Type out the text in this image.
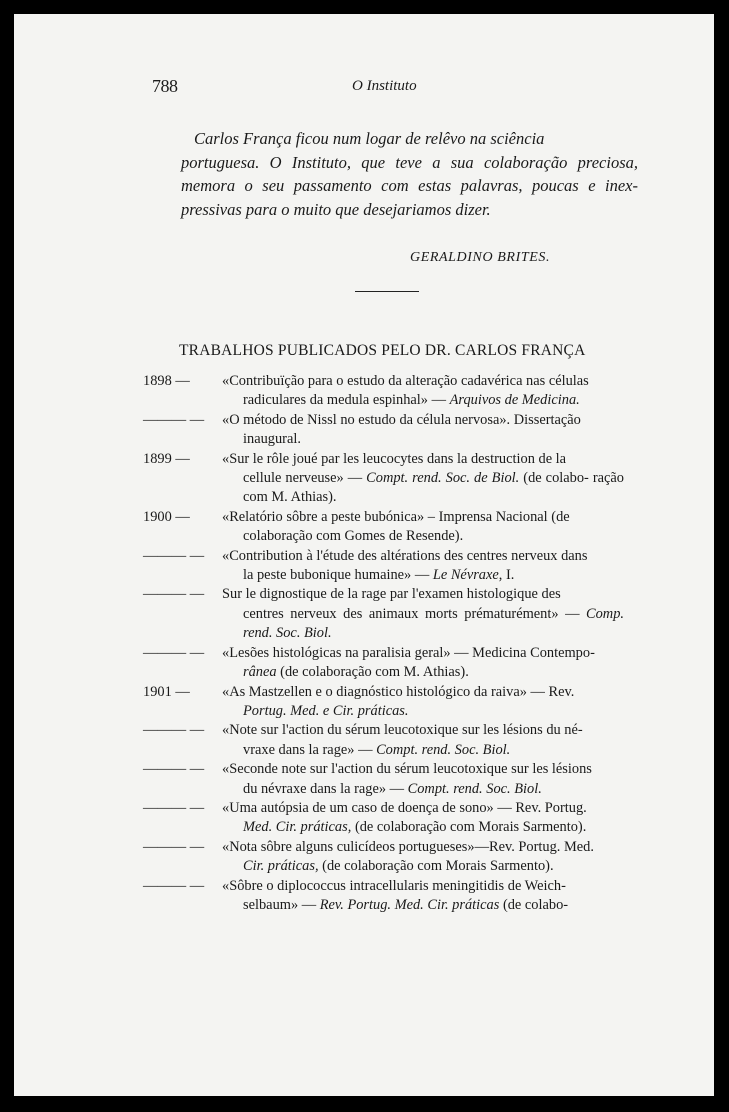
788	O Instituto
Carlos França ficou num logar de relêvo na sciência
portuguesa. O Instituto, que teve a sua colaboração preciosa, memora o seu passamento com estas palavras, poucas e inex- pressivas para o muito que desejariamos dizer.
GERALDINO BRITES.
TRABALHOS PUBLICADOS PELO DR. CARLOS FRANÇA
1898 —	«Contribuïção para o estudo da alteração cadavérica nas células
radiculares da medula espinhal» — Arquivos de Medicina.
——— —	«O método de Nissl no estudo da célula nervosa». Dissertação
inaugural.
1899 —	«Sur le rôle joué par les leucocytes dans la destruction de la
cellule nerveuse» — Compt. rend. Soc. de Biol. (de colabo- ração com M. Athias).
1900 —	«Relatório sôbre a peste bubónica» – Imprensa Nacional (de
colaboração com Gomes de Resende).
——— —	«Contribution à l'étude des altérations des centres nerveux dans
la peste bubonique humaine» — Le Névraxe, I.
——— —	Sur le dignostique de la rage par l'examen histologique des
centres nerveux des animaux morts prématurément» — Comp. rend. Soc. Biol.
——— —	«Lesões histológicas na paralisia geral» — Medicina Contempo-
rânea (de colaboração com M. Athias).
1901 —	«As Mastzellen e o diagnóstico histológico da raiva» — Rev.
Portug. Med. e Cir. práticas.
——— —	«Note sur l'action du sérum leucotoxique sur les lésions du né-
vraxe dans la rage» — Compt. rend. Soc. Biol.
——— —	«Seconde note sur l'action du sérum leucotoxique sur les lésions
du névraxe dans la rage» — Compt. rend. Soc. Biol.
——— —	«Uma autópsia de um caso de doença de sono» — Rev. Portug.
Med. Cir. práticas, (de colaboração com Morais Sarmento).
——— —	«Nota sôbre alguns culicídeos portugueses»—Rev. Portug. Med.
Cir. práticas, (de colaboração com Morais Sarmento).
——— —	«Sôbre o diplococcus intracellularis meningitidis de Weich-
selbaum» — Rev. Portug. Med. Cir. práticas (de colabo-
